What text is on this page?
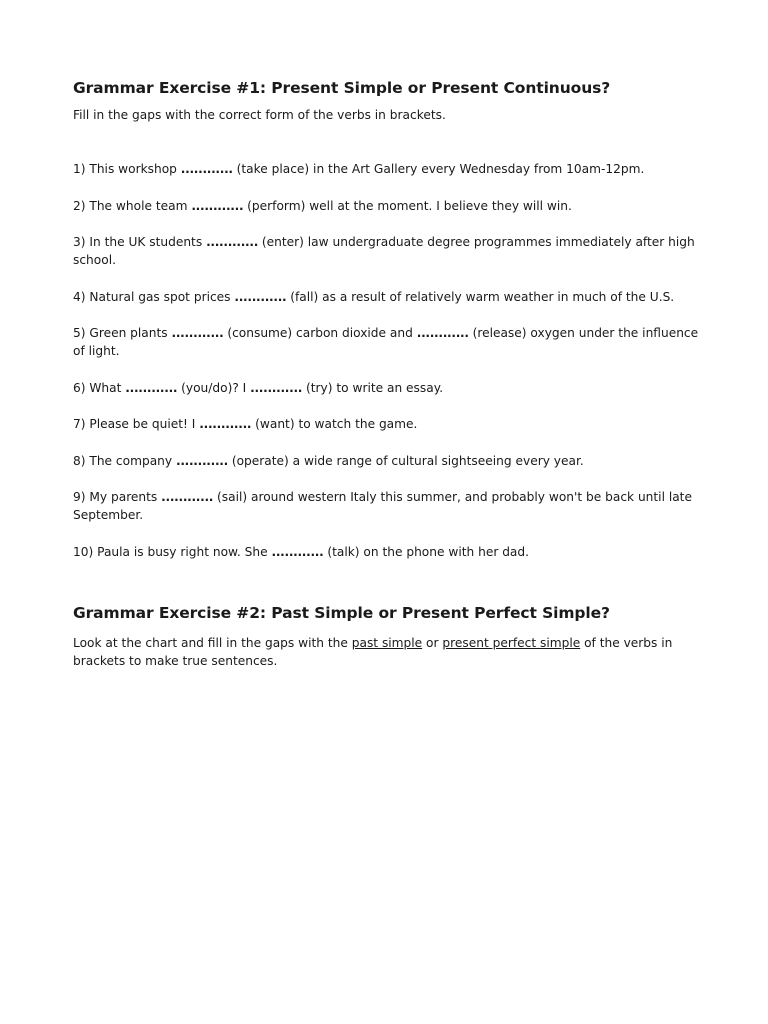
Grammar Exercise #1: Present Simple or Present Continuous?

Fill in the gaps with the correct form of the verbs in brackets.

1) This workshop ............ (take place) in the Art Gallery every Wednesday from 10am-12pm.
2) The whole team ............ (perform) well at the moment. I believe they will win.
3) In the UK students ............ (enter) law undergraduate degree programmes immediately after high school.
4) Natural gas spot prices ............ (fall) as a result of relatively warm weather in much of the U.S.
5) Green plants ............ (consume) carbon dioxide and ............ (release) oxygen under the influence of light.
6) What ............ (you/do)? I ............ (try) to write an essay.
7) Please be quiet! I ............ (want) to watch the game.
8) The company ............ (operate) a wide range of cultural sightseeing every year.
9) My parents ............ (sail) around western Italy this summer, and probably won't be back until late September.
10) Paula is busy right now. She ............ (talk) on the phone with her dad.
Grammar Exercise #2: Past Simple or Present Perfect Simple?

Look at the chart and fill in the gaps with the past simple or present perfect simple of the verbs in brackets to make true sentences.
